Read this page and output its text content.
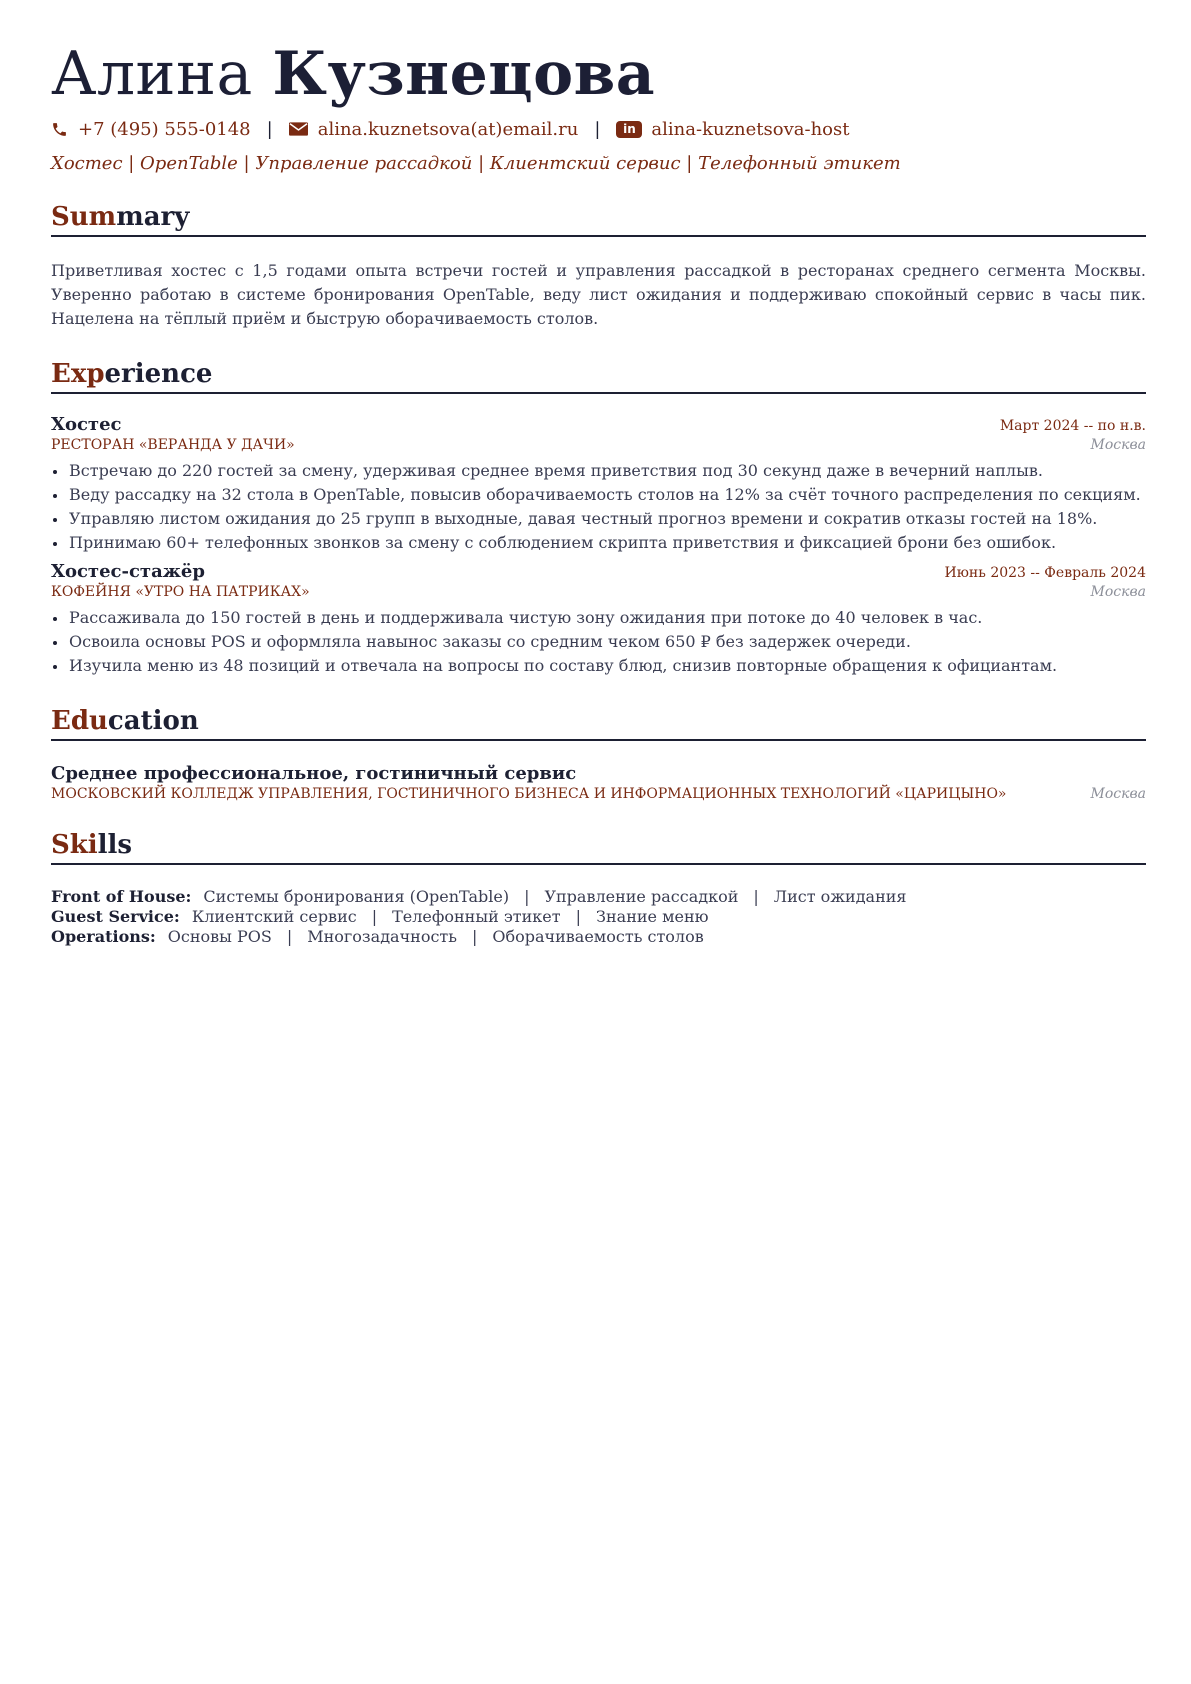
Алина Кузнецова
+7 (495) 555-0148 |	alina.kuznetsova(at)email.ru |	in alina-kuznetsova-host
Хостес | OpenTable | Управление рассадкой | Клиентский сервис | Телефонный этикет
Summary
Приветливая хостес с 1,5 годами опыта встречи гостей и управления рассадкой в ресторанах среднего сегмента Москвы. Уверенно работаю в системе бронирования OpenTable, веду лист ожидания и поддерживаю спокойный сервис в часы пик. Нацелена на тёплый приём и быструю оборачиваемость столов.
Experience
Хостес	Март 2024 -- по н.в.
РЕСТОРАН «ВЕРАНДА У ДАЧИ»	Москва
Встречаю до 220 гостей за смену, удерживая среднее время приветствия под 30 секунд даже в вечерний наплыв.
Веду рассадку на 32 стола в OpenTable, повысив оборачиваемость столов на 12% за счёт точного распределения по секциям.
Управляю листом ожидания до 25 групп в выходные, давая честный прогноз времени и сократив отказы гостей на 18%.
Принимаю 60+ телефонных звонков за смену с соблюдением скрипта приветствия и фиксацией брони без ошибок.
Хостес-стажёр	Июнь 2023 -- Февраль 2024
КОФЕЙНЯ «УТРО НА ПАТРИКАХ»	Москва
Рассаживала до 150 гостей в день и поддерживала чистую зону ожидания при потоке до 40 человек в час.
Освоила основы POS и оформляла навынос заказы со средним чеком 650 ₽ без задержек очереди.
Изучила меню из 48 позиций и отвечала на вопросы по составу блюд, снизив повторные обращения к официантам.
Education
Среднее профессиональное, гостиничный сервис
МОСКОВСКИЙ КОЛЛЕДЖ УПРАВЛЕНИЯ, ГОСТИНИЧНОГО БИЗНЕСА И ИНФОРМАЦИОННЫХ ТЕХНОЛОГИЙ «ЦАРИЦЫНО»	Москва
Skills
Front of House: Системы бронирования (OpenTable) | Управление рассадкой | Лист ожидания
Guest Service: Клиентский сервис | Телефонный этикет | Знание меню
Operations: Основы POS | Многозадачность | Оборачиваемость столов
